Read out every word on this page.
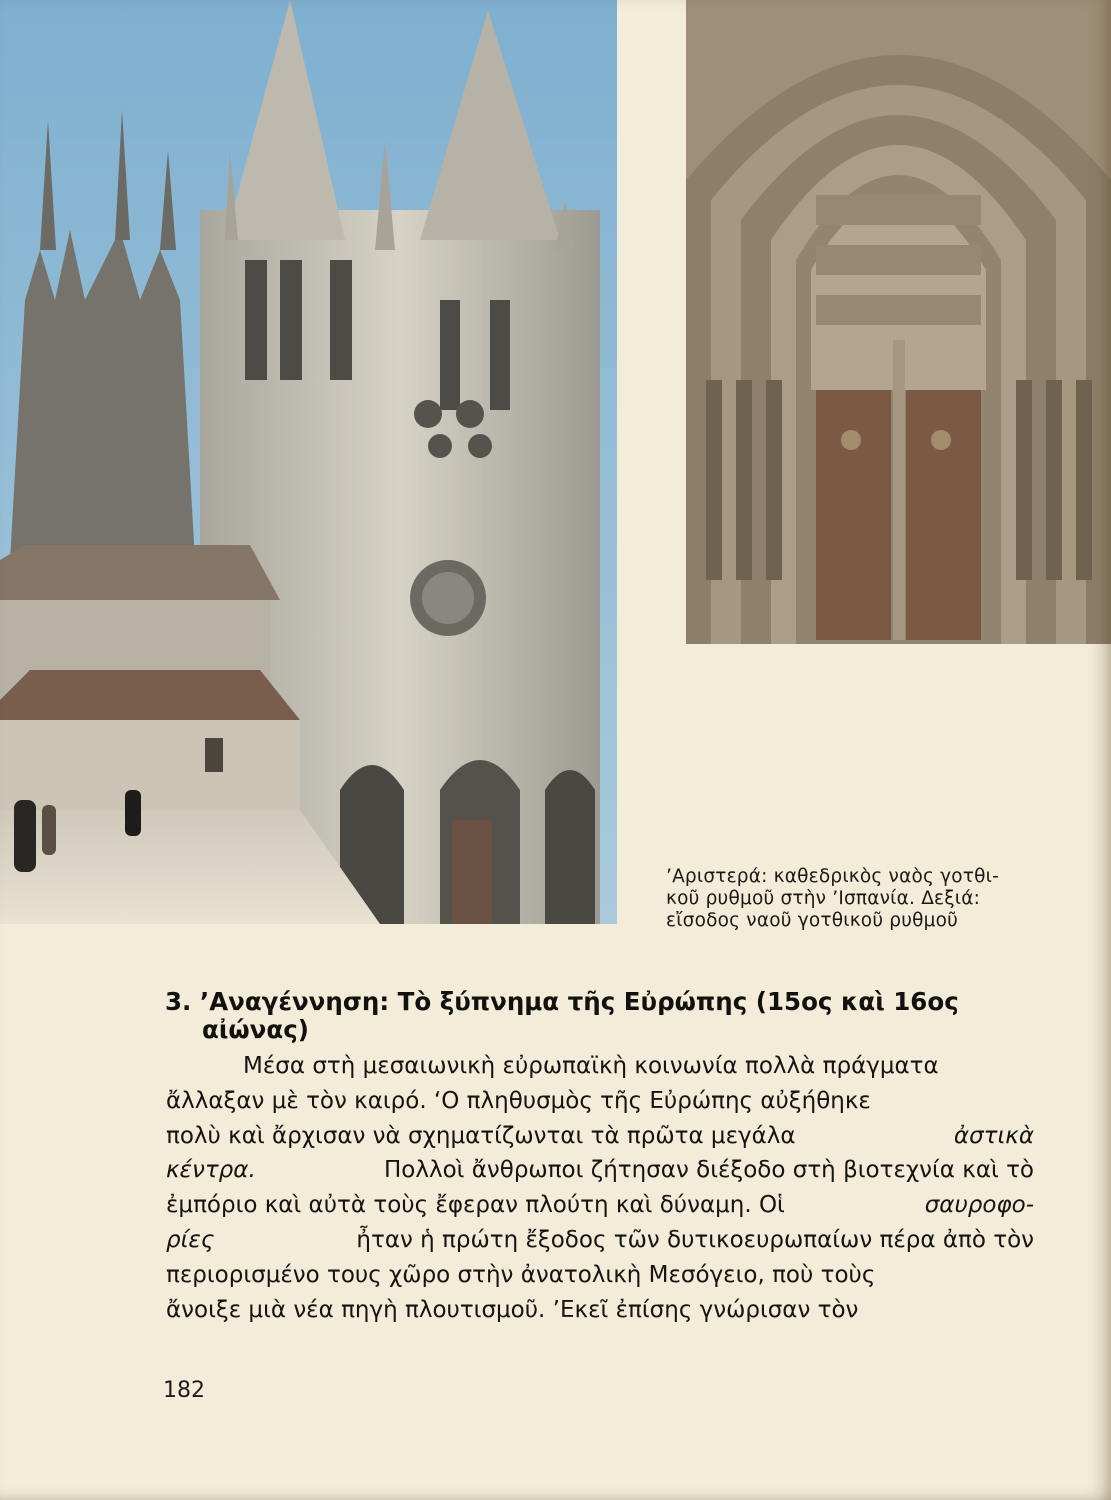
’Αριστερά: καθεδρικὸς ναὸς γοτθι-
κοῦ ρυθμοῦ στὴν ’Ισπανία. Δεξιά:
εἴσοδος ναοῦ γοτθικοῦ ρυθμοῦ
3. ’Αναγέννηση: Τὸ ξύπνημα τῆς Εὐρώπης (15ος καὶ 16ος
αἰώνας)
Μέσα στὴ μεσαιωνικὴ εὐρωπαϊκὴ κοινωνία πολλὰ πράγματα
ἄλλαξαν μὲ τὸν καιρό. ‘Ο πληθυσμὸς τῆς Εὐρώπης αὐξήθηκε
πολὺ καὶ ἄρχισαν νὰ σχηματίζωνται τὰ πρῶτα μεγάλα	ἀστικὰ
κέντρα.	Πολλοὶ ἄνθρωποι ζήτησαν διέξοδο στὴ βιοτεχνία καὶ τὸ
ἐμπόριο καὶ αὐτὰ τοὺς ἔφεραν πλούτη καὶ δύναμη. Οἱ	σαυροφο-
ρίες	ἦταν ἡ πρώτη ἔξοδος τῶν δυτικοευρωπαίων πέρα ἀπὸ τὸν
περιορισμένο τους χῶρο στὴν ἀνατολικὴ Μεσόγειο, ποὺ τοὺς
ἄνοιξε μιὰ νέα πηγὴ πλουτισμοῦ. ’Εκεῖ ἐπίσης γνώρισαν τὸν
182
